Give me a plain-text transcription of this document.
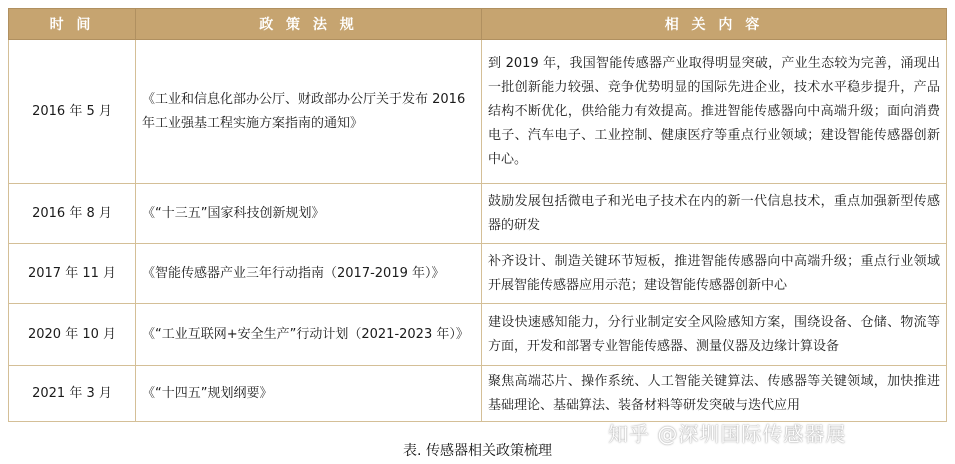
时 间	政 策 法 规	相 关 内 容
2016 年 5 月	《工业和信息化部办公厅、财政部办公厅关于发布 2016 年工业强基工程实施方案指南的通知》	到 2019 年，我国智能传感器产业取得明显突破，产业生态较为完善，涌现出一批创新能力较强、竞争优势明显的国际先进企业，技术水平稳步提升，产品结构不断优化，供给能力有效提高。推进智能传感器向中高端升级；面向消费电子、汽车电子、工业控制、健康医疗等重点行业领域；建设智能传感器创新中心。
2016 年 8 月	《“十三五”国家科技创新规划》	鼓励发展包括微电子和光电子技术在内的新一代信息技术，重点加强新型传感器的研发
2017 年 11 月	《智能传感器产业三年行动指南（2017-2019 年）》	补齐设计、制造关键环节短板，推进智能传感器向中高端升级；重点行业领域开展智能传感器应用示范；建设智能传感器创新中心
2020 年 10 月	《“工业互联网+安全生产”行动计划（2021-2023 年）》	建设快速感知能力，分行业制定安全风险感知方案，围绕设备、仓储、物流等方面，开发和部署专业智能传感器、测量仪器及边缘计算设备
2021 年 3 月	《“十四五”规划纲要》	聚焦高端芯片、操作系统、人工智能关键算法、传感器等关键领域，加快推进基础理论、基础算法、装备材料等研发突破与迭代应用
知乎 @深圳国际传感器展
表. 传感器相关政策梳理
